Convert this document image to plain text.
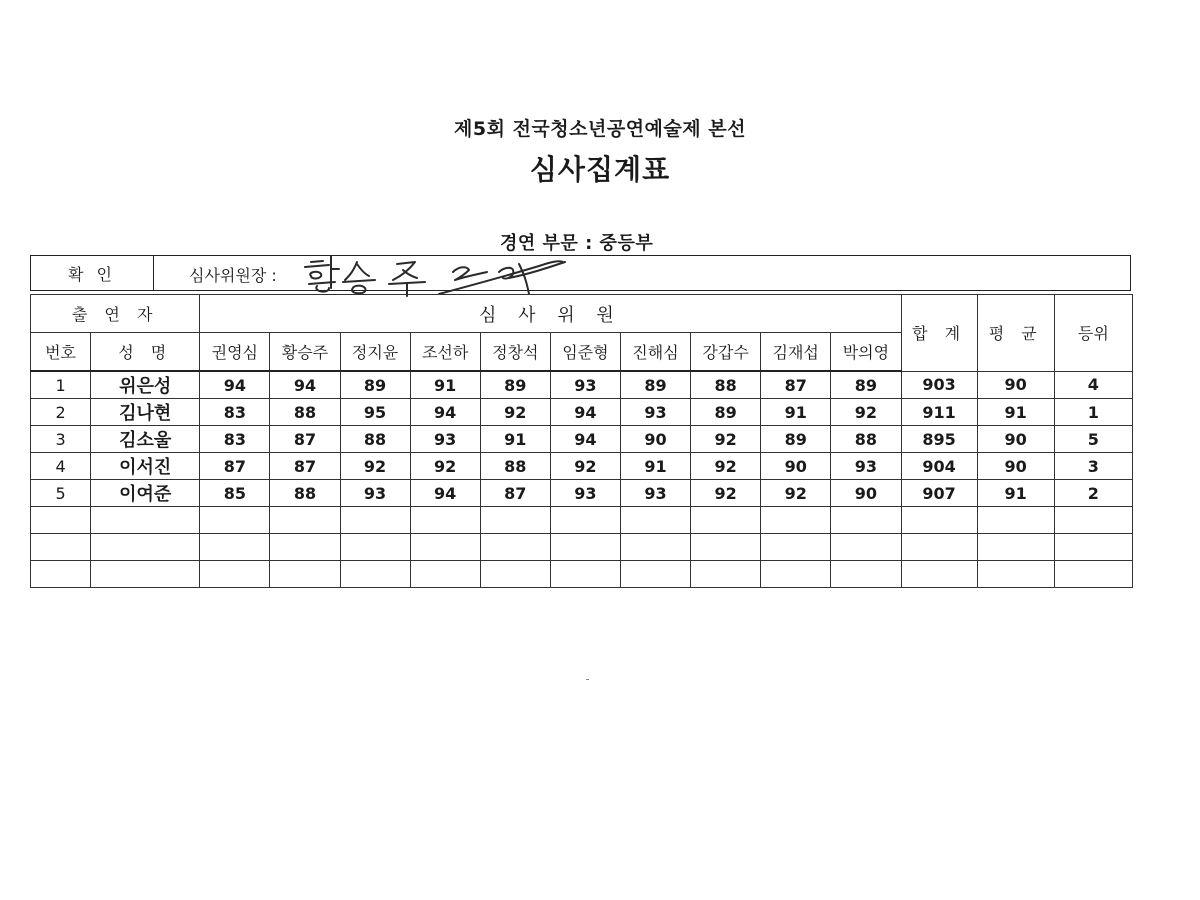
제5회 전국청소년공연예술제 본선
심사집계표
경연 부문 : 중등부
확 인	심사위원장 :
출 연 자		심 사 위 원										합 계	평 균	등위
번호	성 명	권영심	황승주	정지윤	조선하	정창석	임준형	진해심	강갑수	김재섭	박의영			
1	위은성	94	94	89	91	89	93	89	88	87	89	903	90	4
2	김나현	83	88	95	94	92	94	93	89	91	92	911	91	1
3	김소울	83	87	88	93	91	94	90	92	89	88	895	90	5
4	이서진	87	87	92	92	88	92	91	92	90	93	904	90	3
5	이여준	85	88	93	94	87	93	93	92	92	90	907	91	2
